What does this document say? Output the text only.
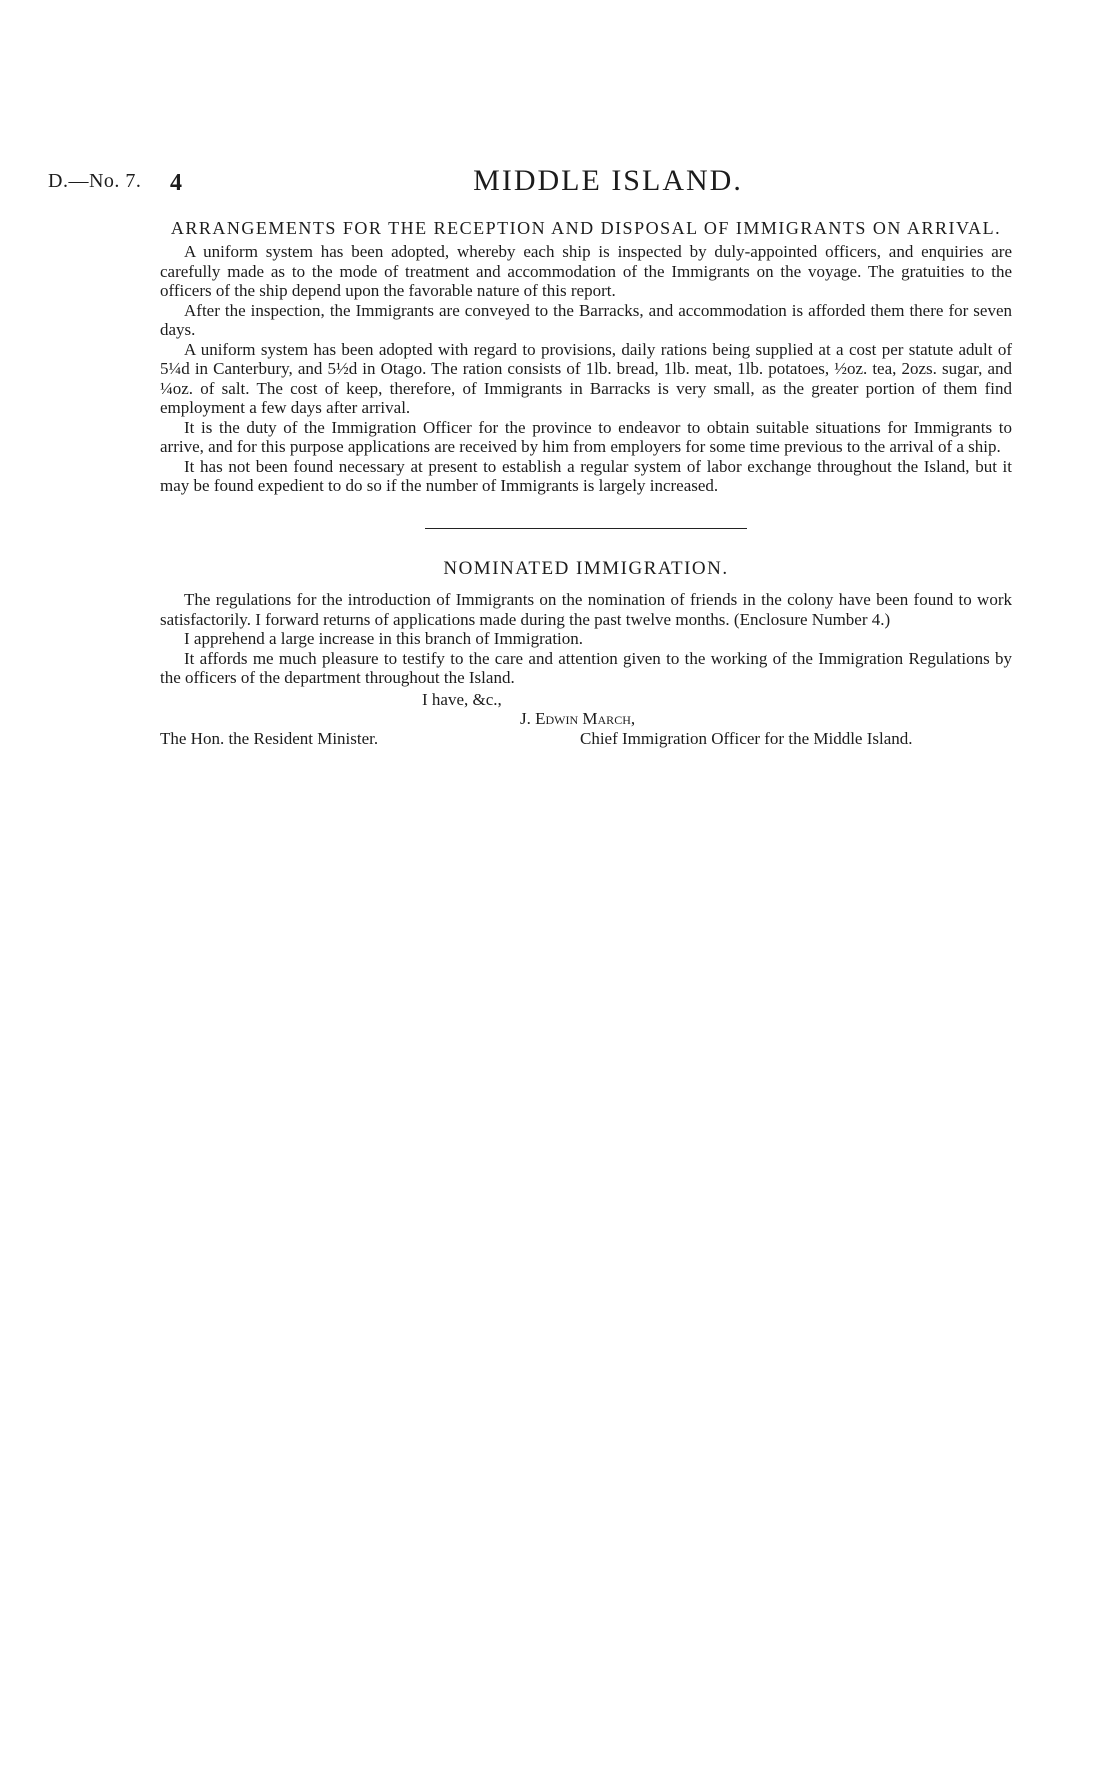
D.—No. 7. 4	MIDDLE ISLAND.
ARRANGEMENTS FOR THE RECEPTION AND DISPOSAL OF IMMIGRANTS ON ARRIVAL.

A uniform system has been adopted, whereby each ship is inspected by duly-appointed officers, and enquiries are carefully made as to the mode of treatment and accommodation of the Immigrants on the voyage. The gratuities to the officers of the ship depend upon the favorable nature of this report.

After the inspection, the Immigrants are conveyed to the Barracks, and accommodation is afforded them there for seven days.

A uniform system has been adopted with regard to provisions, daily rations being supplied at a cost per statute adult of 5¼d in Canterbury, and 5½d in Otago. The ration consists of 1lb. bread, 1lb. meat, 1lb. potatoes, ½oz. tea, 2ozs. sugar, and ¼oz. of salt. The cost of keep, therefore, of Immigrants in Barracks is very small, as the greater portion of them find employment a few days after arrival.

It is the duty of the Immigration Officer for the province to endeavor to obtain suitable situations for Immigrants to arrive, and for this purpose applications are received by him from employers for some time previous to the arrival of a ship.

It has not been found necessary at present to establish a regular system of labor exchange throughout the Island, but it may be found expedient to do so if the number of Immigrants is largely increased.

NOMINATED IMMIGRATION.

The regulations for the introduction of Immigrants on the nomination of friends in the colony have been found to work satisfactorily. I forward returns of applications made during the past twelve months. (Enclosure Number 4.)

I apprehend a large increase in this branch of Immigration.

It affords me much pleasure to testify to the care and attention given to the working of the Immigration Regulations by the officers of the department throughout the Island.

I have, &c.,
J. Edwin March,
The Hon. the Resident Minister.	Chief Immigration Officer for the Middle Island.
